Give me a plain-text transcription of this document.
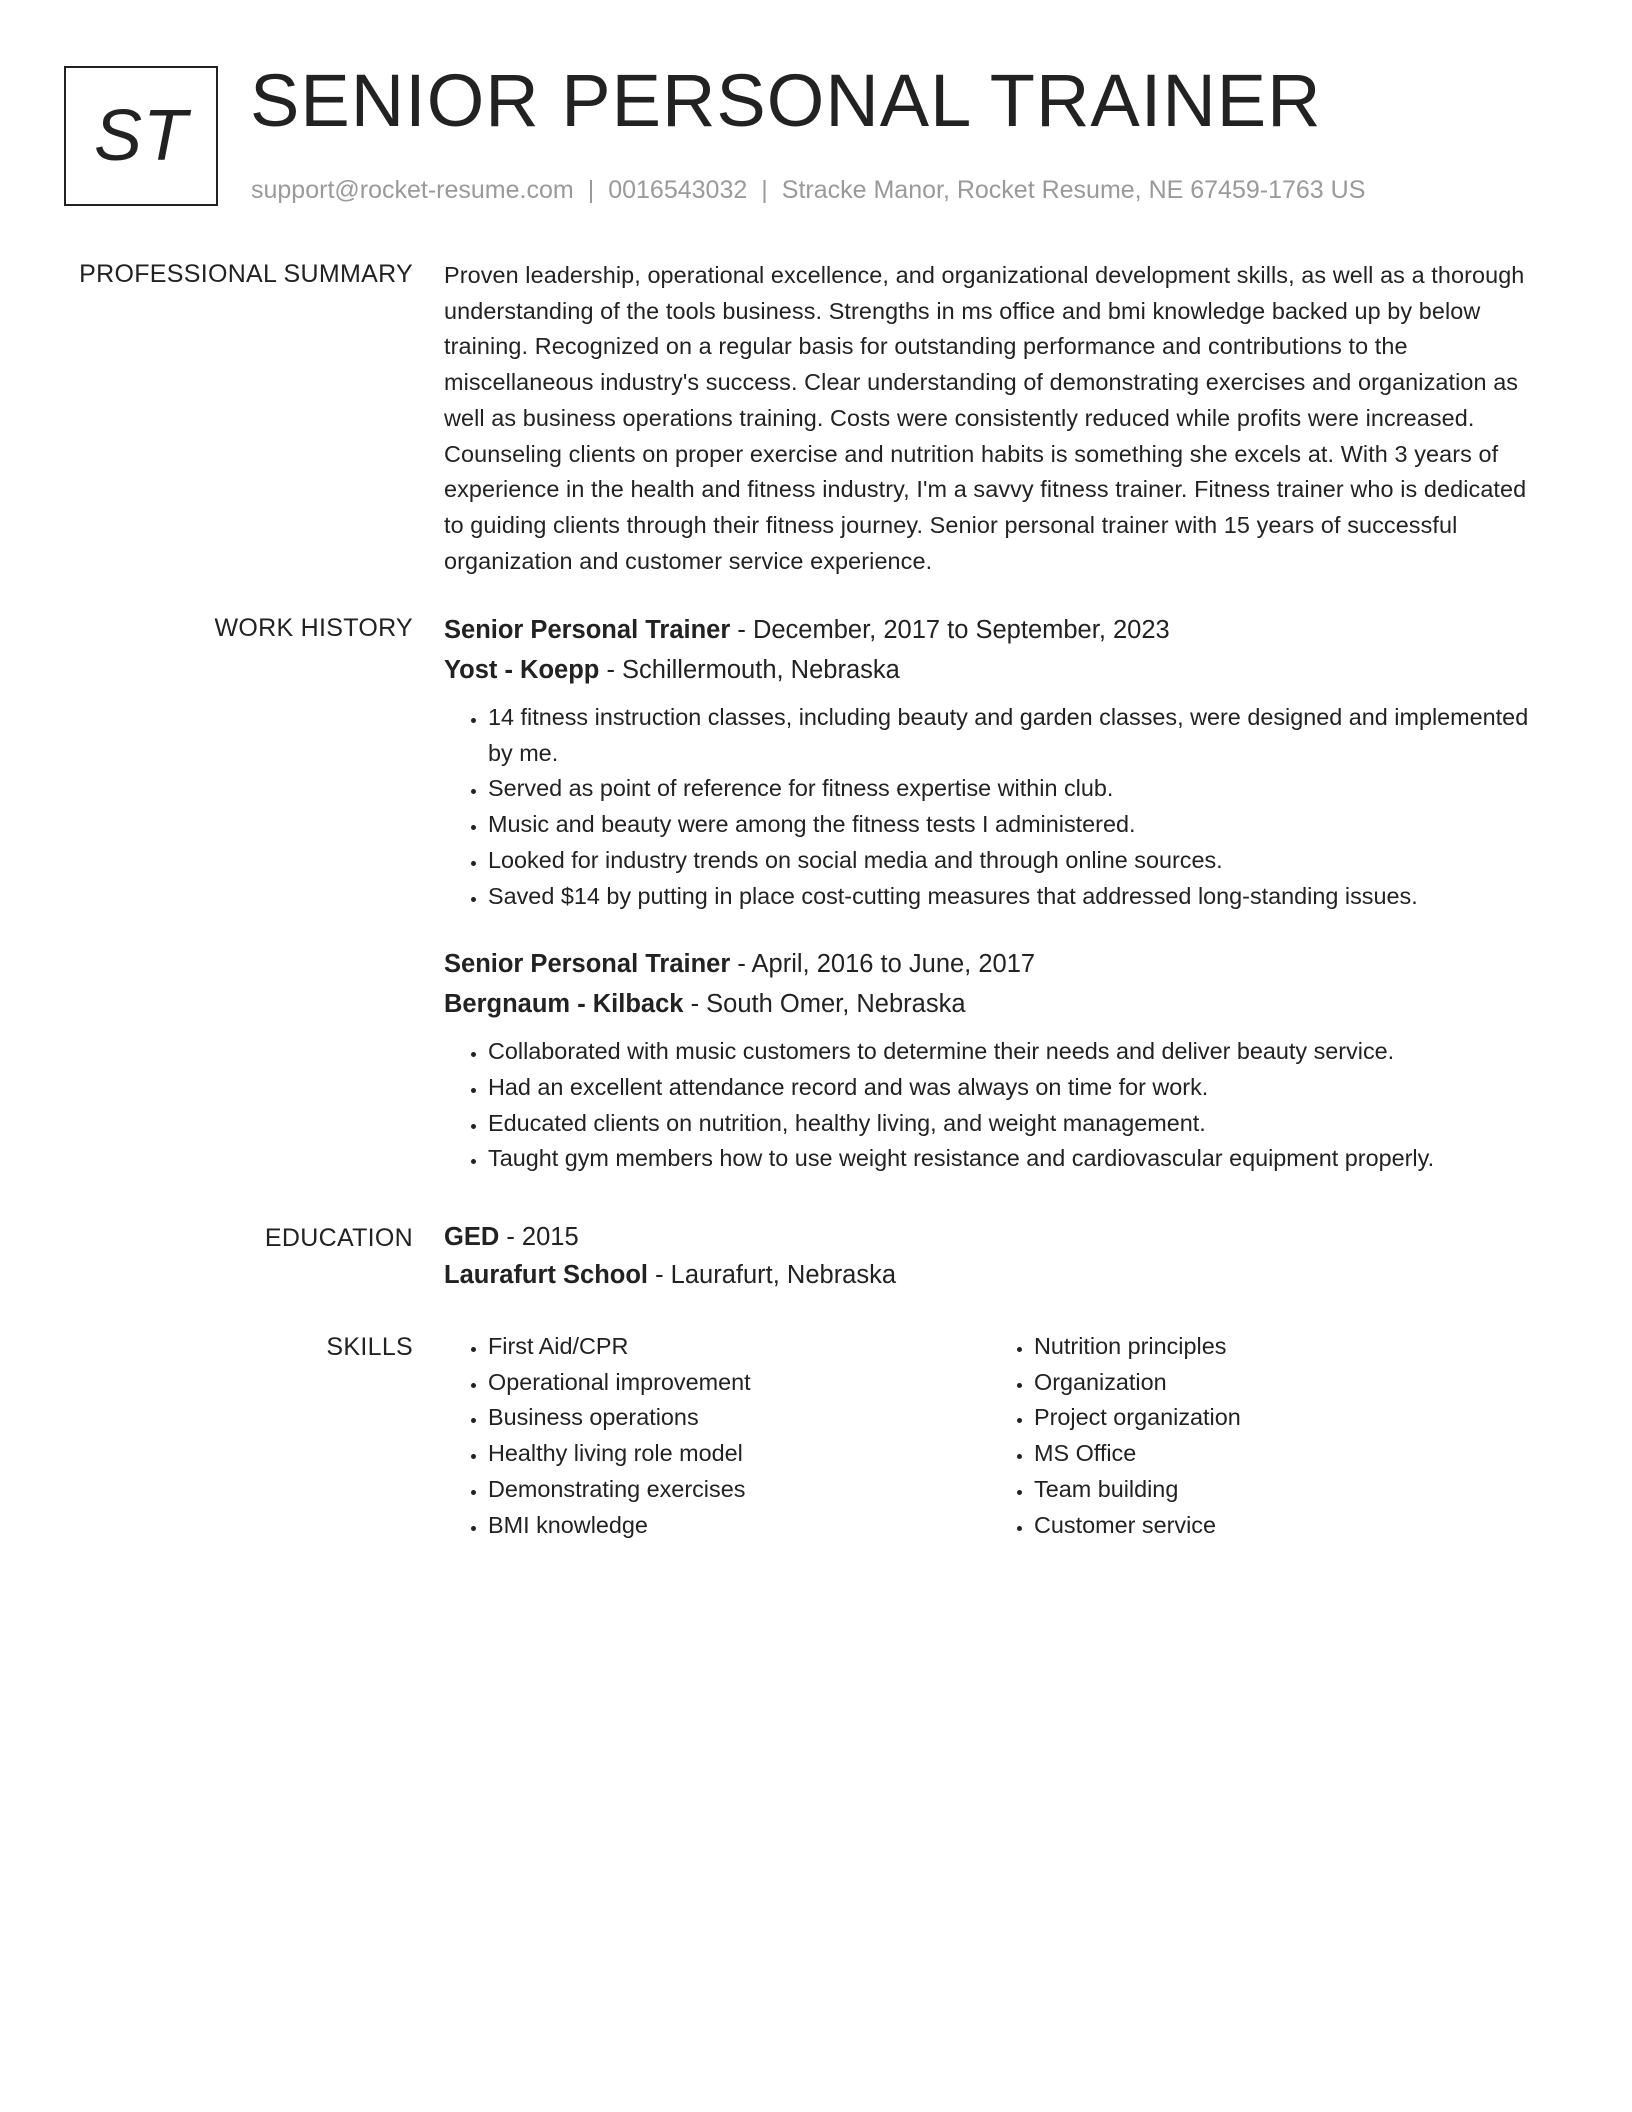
ST SENIOR PERSONAL TRAINER
support@rocket-resume.com | 0016543032 | Stracke Manor, Rocket Resume, NE 67459-1763 US
PROFESSIONAL SUMMARY Proven leadership, operational excellence, and organizational development skills, as well as a thorough understanding of the tools business. Strengths in ms office and bmi knowledge backed up by below training. Recognized on a regular basis for outstanding performance and contributions to the miscellaneous industry's success. Clear understanding of demonstrating exercises and organization as well as business operations training. Costs were consistently reduced while profits were increased. Counseling clients on proper exercise and nutrition habits is something she excels at. With 3 years of experience in the health and fitness industry, I'm a savvy fitness trainer. Fitness trainer who is dedicated to guiding clients through their fitness journey. Senior personal trainer with 15 years of successful organization and customer service experience.

WORK HISTORY Senior Personal Trainer - December, 2017 to September, 2023
Yost - Koepp - Schillermouth, Nebraska
• 14 fitness instruction classes, including beauty and garden classes, were designed and implemented by me.
• Served as point of reference for fitness expertise within club.
• Music and beauty were among the fitness tests I administered.
• Looked for industry trends on social media and through online sources.
• Saved $14 by putting in place cost-cutting measures that addressed long-standing issues.
Senior Personal Trainer - April, 2016 to June, 2017
Bergnaum - Kilback - South Omer, Nebraska
• Collaborated with music customers to determine their needs and deliver beauty service.
• Had an excellent attendance record and was always on time for work.
• Educated clients on nutrition, healthy living, and weight management.
• Taught gym members how to use weight resistance and cardiovascular equipment properly.
EDUCATION GED - 2015
Laurafurt School - Laurafurt, Nebraska
SKILLS
•	First Aid/CPR
• Operational improvement
• Business operations
• Healthy living role model
• Demonstrating exercises
• BMI knowledge
• Nutrition principles
• Organization
• Project organization
• MS Office
• Team building
• Customer service
